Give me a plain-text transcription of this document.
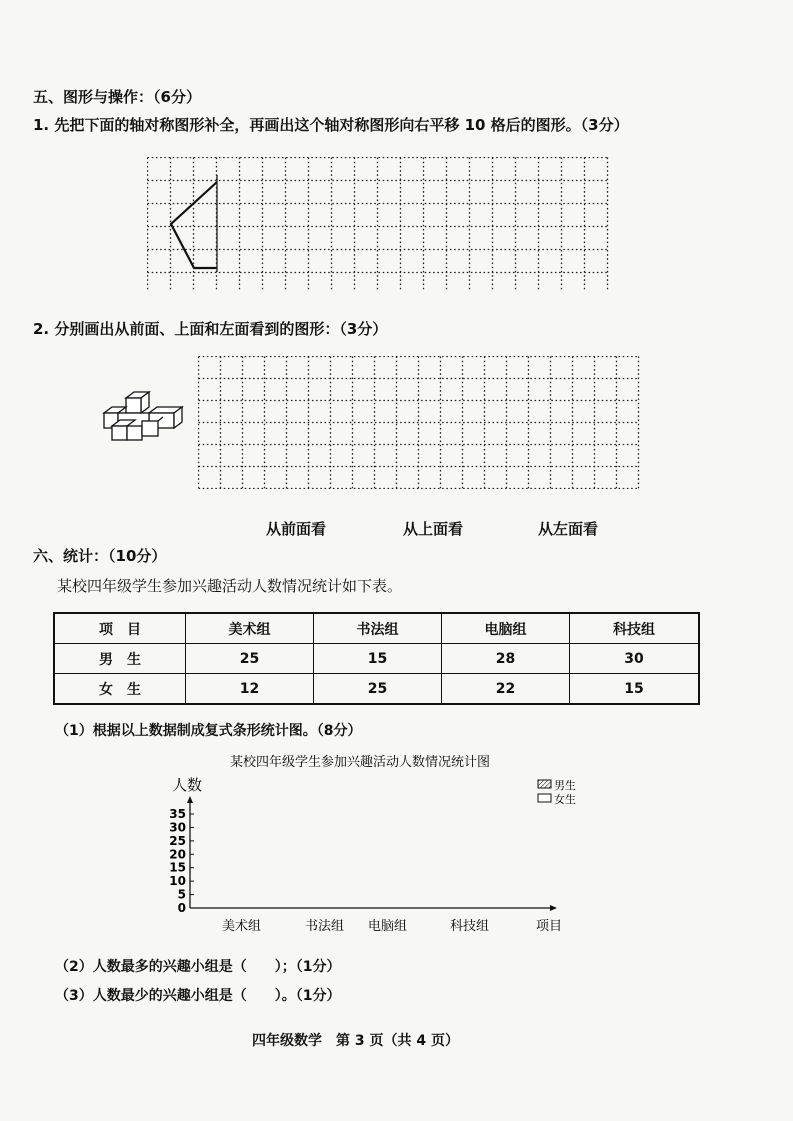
五、图形与操作：（6分）
1. 先把下面的轴对称图形补全，再画出这个轴对称图形向右平移 10 格后的图形。（3分）
2. 分别画出从前面、上面和左面看到的图形：（3分）
从前面看	从上面看	从左面看
六、统计：（10分）
某校四年级学生参加兴趣活动人数情况统计如下表。
项　目	美术组	书法组	电脑组	科技组
男　生	25	15	28	30
女　生	12	25	22	15
（1）根据以上数据制成复式条形统计图。（8分）
某校四年级学生参加兴趣活动人数情况统计图
人数	男生
女生
0
5
10
15
20
25
30
35
美术组	书法组 电脑组	科技组	项目
（2）人数最多的兴趣小组是（　　）；（1分）
（3）人数最少的兴趣小组是（　　）。（1分）
四年级数学　第 3 页（共 4 页）
